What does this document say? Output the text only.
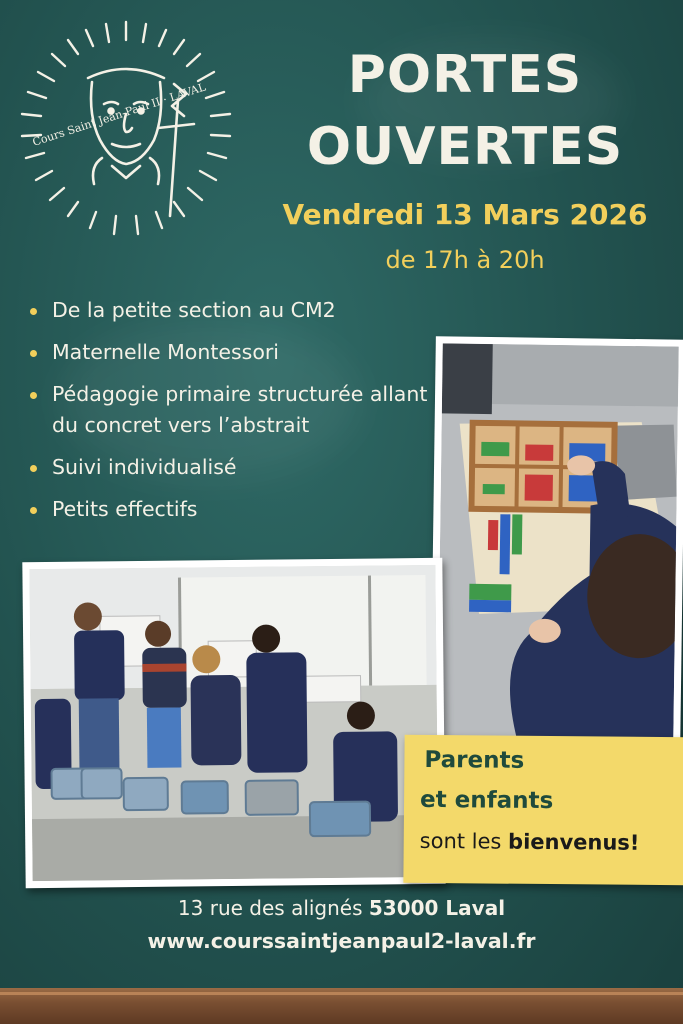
Cours Saint Jean-Paul II · LAVAL
PORTES
OUVERTES
Vendredi 13 Mars 2026
de 17h à 20h
De la petite section au CM2
Maternelle Montessori
Pédagogie primaire structurée allant du concret vers l’abstrait
Suivi individualisé
Petits effectifs
Parents
et enfants
sont les bienvenus!
13 rue des alignés 53000 Laval
www.courssaintjeanpaul2-laval.fr
